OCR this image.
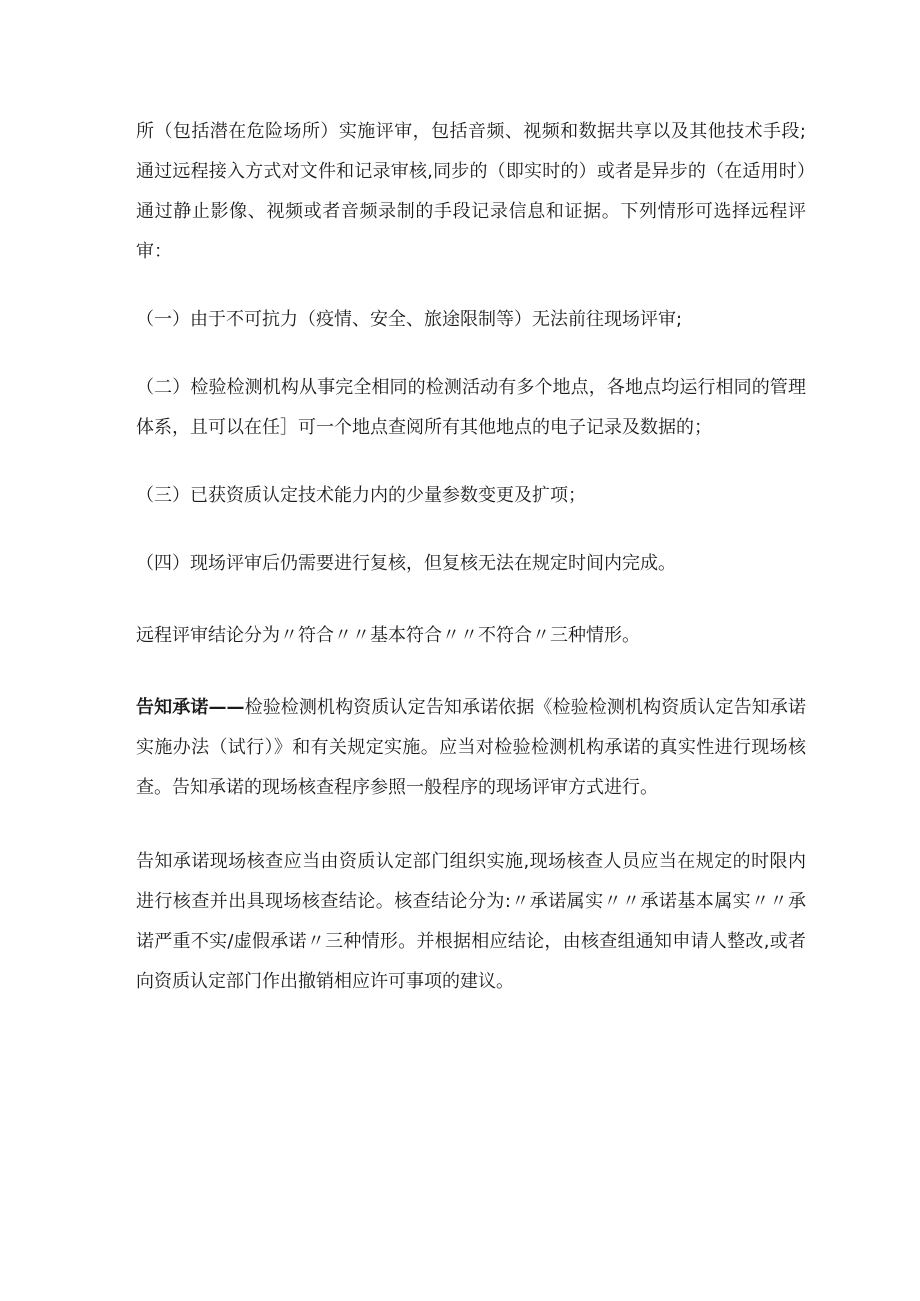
所（包括潜在危险场所）实施评审，包括音频、视频和数据共享以及其他技术手段;通过远程接入方式对文件和记录审核,同步的（即实时的）或者是异步的（在适用时）通过静止影像、视频或者音频录制的手段记录信息和证据。下列情形可选择远程评审：

（一）由于不可抗力（疫情、安全、旅途限制等）无法前往现场评审;

（二）检验检测机构从事完全相同的检测活动有多个地点，各地点均运行相同的管理体系，且可以在任］可一个地点查阅所有其他地点的电子记录及数据的；

（三）已获资质认定技术能力内的少量参数变更及扩项；

（四）现场评审后仍需要进行复核，但复核无法在规定时间内完成。

远程评审结论分为〃符合〃〃基本符合〃〃不符合〃三种情形。

告知承诺——检验检测机构资质认定告知承诺依据《检验检测机构资质认定告知承诺实施办法（试行）》和有关规定实施。应当对检验检测机构承诺的真实性进行现场核查。告知承诺的现场核查程序参照一般程序的现场评审方式进行。

告知承诺现场核查应当由资质认定部门组织实施,现场核查人员应当在规定的时限内进行核查并出具现场核查结论。核查结论分为:〃承诺属实〃〃承诺基本属实〃〃承诺严重不实/虚假承诺〃三种情形。并根据相应结论，由核查组通知申请人整改,或者向资质认定部门作出撤销相应许可事项的建议。
